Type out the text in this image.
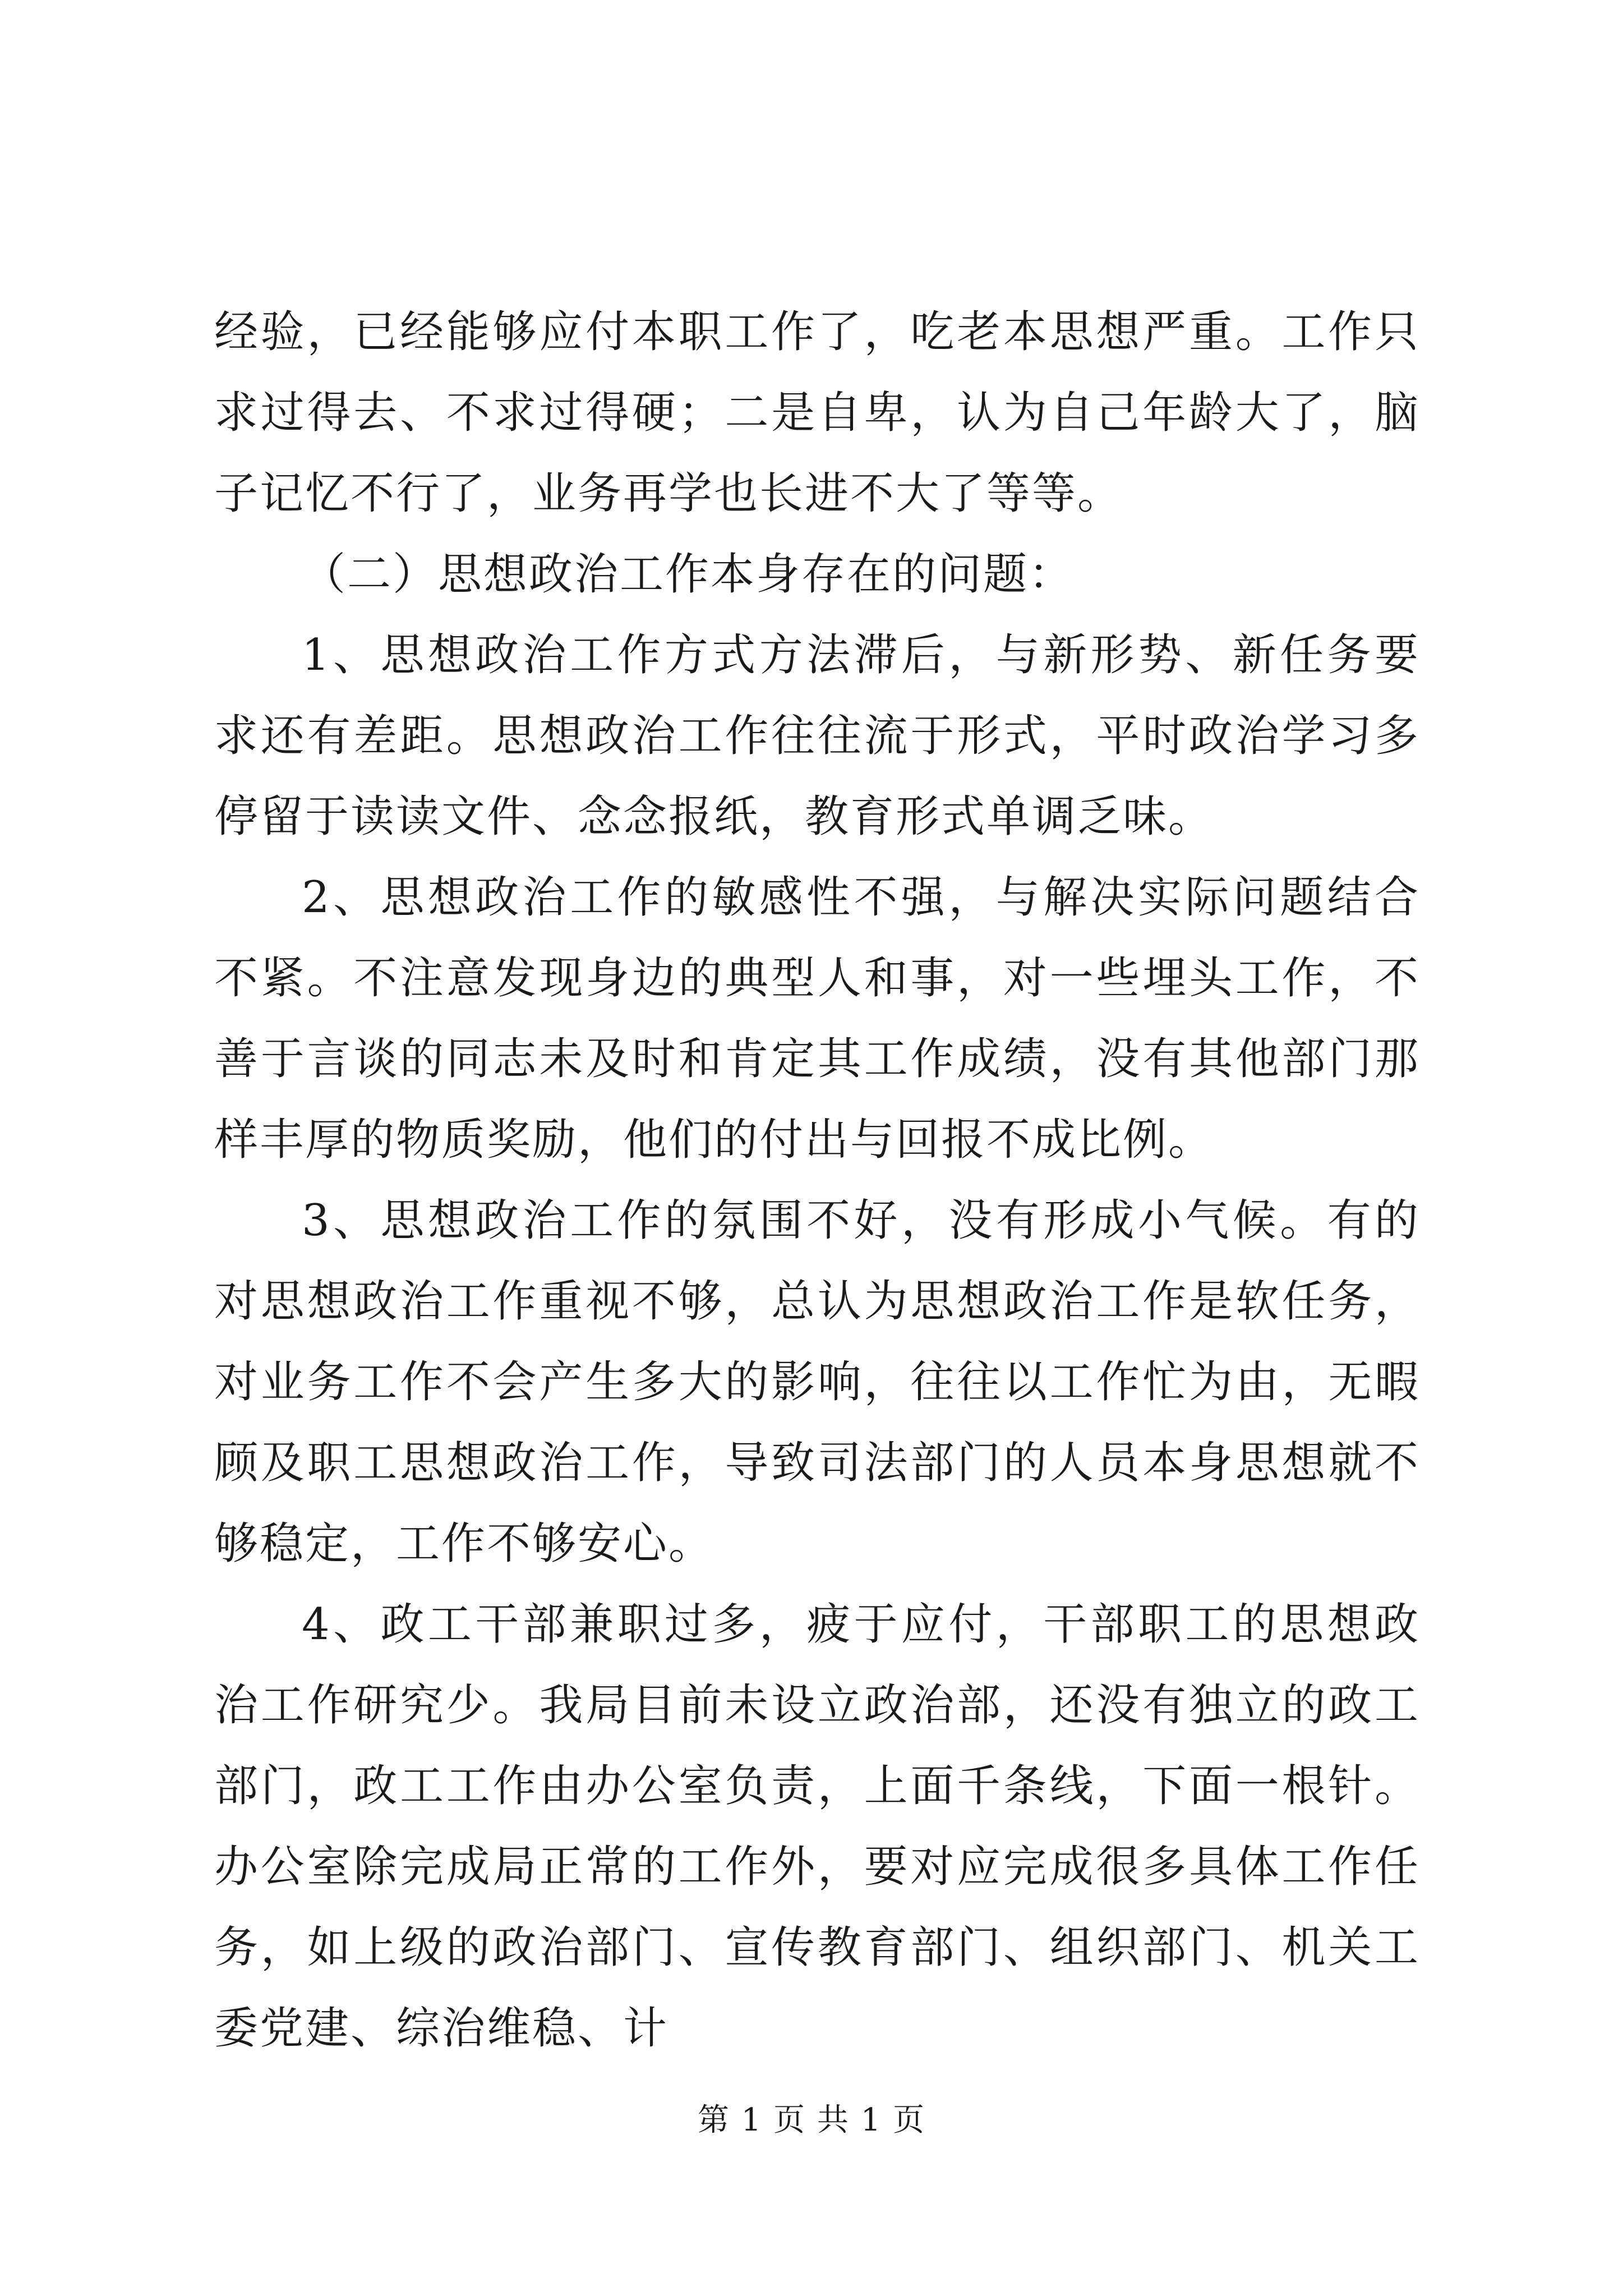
经验，已经能够应付本职工作了，吃老本思想严重。工作只求过得去、不求过得硬；二是自卑，认为自己年龄大了，脑子记忆不行了，业务再学也长进不大了等等。

（二）思想政治工作本身存在的问题：

1、思想政治工作方式方法滞后，与新形势、新任务要求还有差距。思想政治工作往往流于形式，平时政治学习多停留于读读文件、念念报纸，教育形式单调乏味。

2、思想政治工作的敏感性不强，与解决实际问题结合不紧。不注意发现身边的典型人和事，对一些埋头工作，不善于言谈的同志未及时和肯定其工作成绩，没有其他部门那样丰厚的物质奖励，他们的付出与回报不成比例。

3、思想政治工作的氛围不好，没有形成小气候。有的对思想政治工作重视不够，总认为思想政治工作是软任务，对业务工作不会产生多大的影响，往往以工作忙为由，无暇顾及职工思想政治工作，导致司法部门的人员本身思想就不够稳定，工作不够安心。

4、政工干部兼职过多，疲于应付，干部职工的思想政治工作研究少。我局目前未设立政治部，还没有独立的政工部门，政工工作由办公室负责，上面千条线，下面一根针。办公室除完成局正常的工作外，要对应完成很多具体工作任务，如上级的政治部门、宣传教育部门、组织部门、机关工委党建、综治维稳、计

第 1 页 共 1 页
